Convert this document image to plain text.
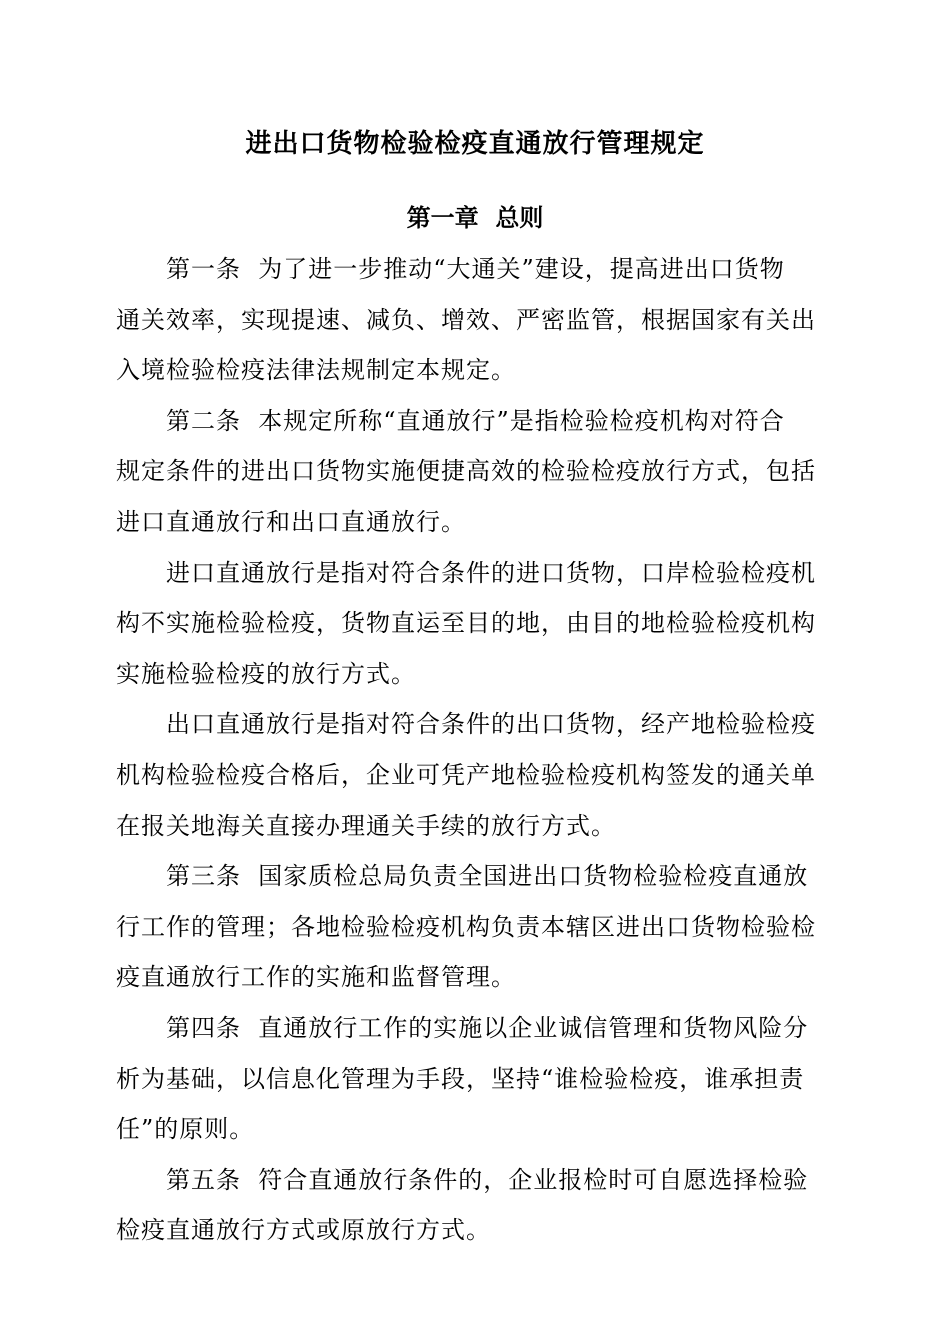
进出口货物检验检疫直通放行管理规定
第一章  总则
第一条  为了进一步推动“大通关”建设，提高进出口货物
通关效率，实现提速、减负、增效、严密监管，根据国家有关出
入境检验检疫法律法规制定本规定。
第二条  本规定所称“直通放行”是指检验检疫机构对符合
规定条件的进出口货物实施便捷高效的检验检疫放行方式，包括
进口直通放行和出口直通放行。
进口直通放行是指对符合条件的进口货物，口岸检验检疫机
构不实施检验检疫，货物直运至目的地，由目的地检验检疫机构
实施检验检疫的放行方式。
出口直通放行是指对符合条件的出口货物，经产地检验检疫
机构检验检疫合格后，企业可凭产地检验检疫机构签发的通关单
在报关地海关直接办理通关手续的放行方式。
第三条  国家质检总局负责全国进出口货物检验检疫直通放
行工作的管理；各地检验检疫机构负责本辖区进出口货物检验检
疫直通放行工作的实施和监督管理。
第四条  直通放行工作的实施以企业诚信管理和货物风险分
析为基础，以信息化管理为手段，坚持“谁检验检疫，谁承担责
任”的原则。
第五条  符合直通放行条件的，企业报检时可自愿选择检验
检疫直通放行方式或原放行方式。
